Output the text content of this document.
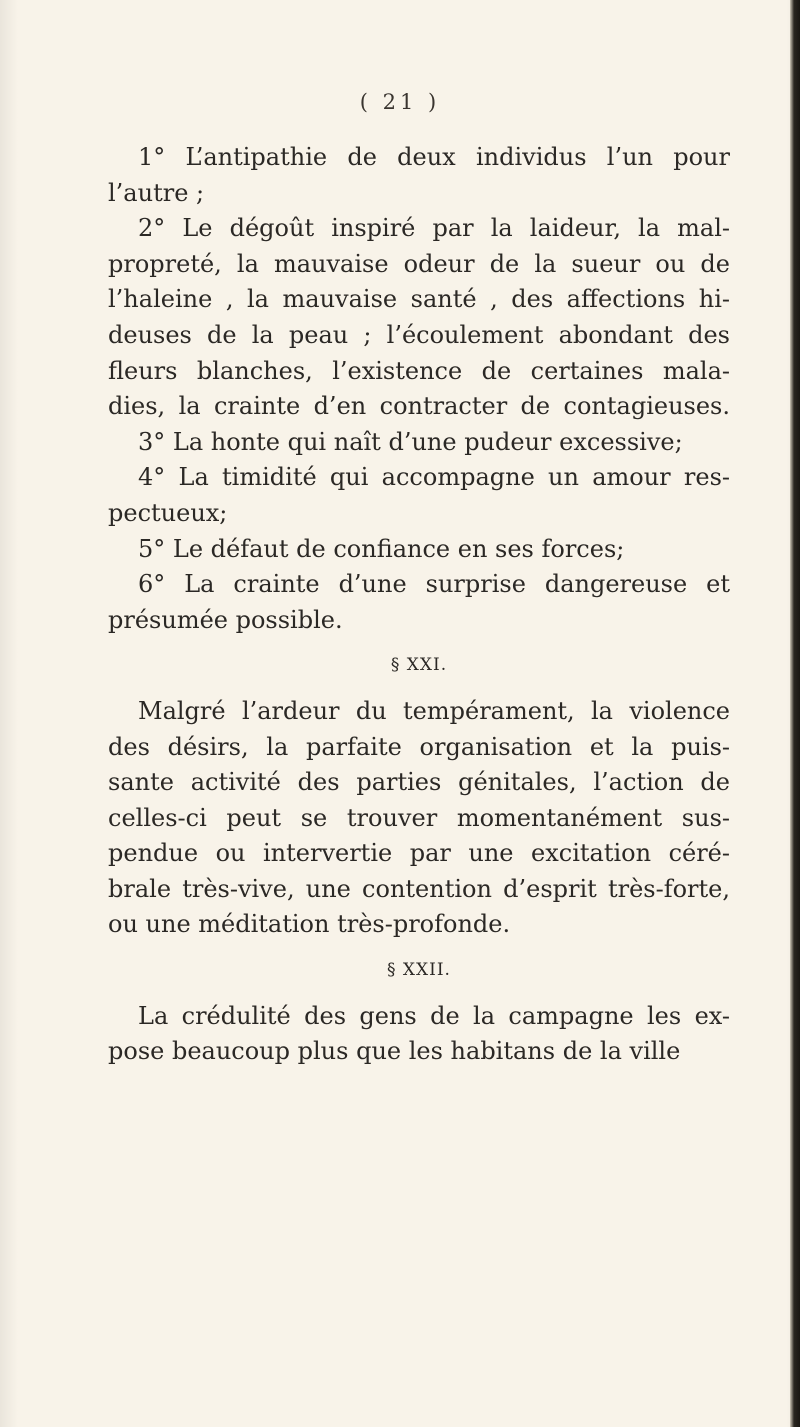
( 21 )
1° L’antipathie de deux individus l’un pour
l’autre ;
2° Le dégoût inspiré par la laideur, la mal-
propreté, la mauvaise odeur de la sueur ou de
l’haleine , la mauvaise santé , des affections hi-
deuses de la peau ; l’écoulement abondant des
fleurs blanches, l’existence de certaines mala-
dies, la crainte d’en contracter de contagieuses.
3° La honte qui naît d’une pudeur excessive;
4° La timidité qui accompagne un amour res-
pectueux;
5° Le défaut de confiance en ses forces;
6° La crainte d’une surprise dangereuse et
présumée possible.
§ XXI.
Malgré l’ardeur du tempérament, la violence
des désirs, la parfaite organisation et la puis-
sante activité des parties génitales, l’action de
celles-ci peut se trouver momentanément sus-
pendue ou intervertie par une excitation céré-
brale très-vive, une contention d’esprit très-forte,
ou une méditation très-profonde.
§ XXII.
La crédulité des gens de la campagne les ex-
pose beaucoup plus que les habitans de la ville
